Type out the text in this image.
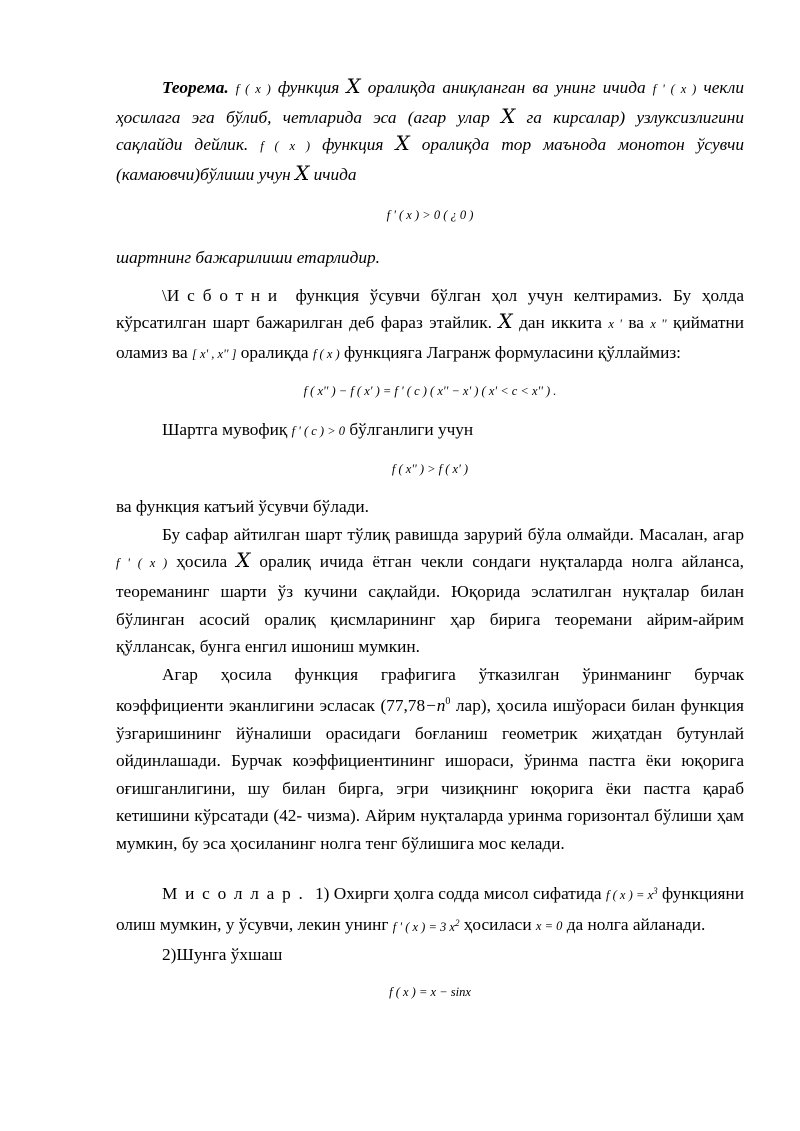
Теорема. f ( x ) функция X оралиқда аниқланган ва унинг ичида f ' ( x ) чекли ҳосилага эга бўлиб, четларида эса (агар улар X га кирсалар) узлуксизлигини сақлайди дейлик. f ( x ) функция X оралиқда тор маънода монотон ўсувчи (камаювчи)бўлиши учун X ичида

f ' ( x ) > 0 ( ¿ 0 )

шартнинг бажарилиши етарлидир.

\Исботни функция ўсувчи бўлган ҳол учун келтирамиз. Бу ҳолда кўрсатилган шарт бажарилган деб фараз этайлик. X дан иккита x ' ва x '' қийматни оламиз ва [ x' , x'' ] оралиқда f ( x ) функцияга Лагранж формуласини қўллаймиз:

f ( x'' ) − f ( x' ) = f ' ( c ) ( x'' − x' ) ( x' < c < x'' ) .

Шартга мувофиқ f ' ( c ) > 0 бўлганлиги учун

f ( x'' ) > f ( x' )

ва функция катъий ўсувчи бўлади.

Бу сафар айтилган шарт тўлиқ равишда зарурий бўла олмайди. Масалан, агар f ' ( x ) ҳосила X оралиқ ичида ётган чекли сондаги нуқталарда нолга айланса, теореманинг шарти ўз кучини сақлайди. Юқорида эслатилган нуқталар билан бўлинган асосий оралиқ қисмларининг ҳар бирига теоремани айрим-айрим қўллансак, бунга енгил ишониш мумкин.

Агар ҳосила функция графигига ўтказилган ўринманинг бурчак коэффициенти эканлигини эсласак ($77,78-n^0$ лар), ҳосила ишўораси билан функция ўзгаришининг йўналиши орасидаги боғланиш геометрик жиҳатдан бутунлай ойдинлашади. Бурчак коэффициентининг ишораси, ўринма пастга ёки юқорига оғишганлигини, шу билан бирга, эгри чизиқнинг юқорига ёки пастга қараб кетишини кўрсатади (42- чизма). Айрим нуқталарда уринма горизонтал бўлиши ҳам мумкин, бу эса ҳосиланинг нолга тенг бўлишига мос келади.

Мисоллар. 1) Охирги ҳолга содда мисол сифатида f ( x ) = $x^3$ функцияни олиш мумкин, у ўсувчи, лекин унинг f ' ( x ) = 3 $x^2$ ҳосиласи x = 0 да нолга айланади.

2)Шунга ўхшаш

f ( x ) = x − sinx
